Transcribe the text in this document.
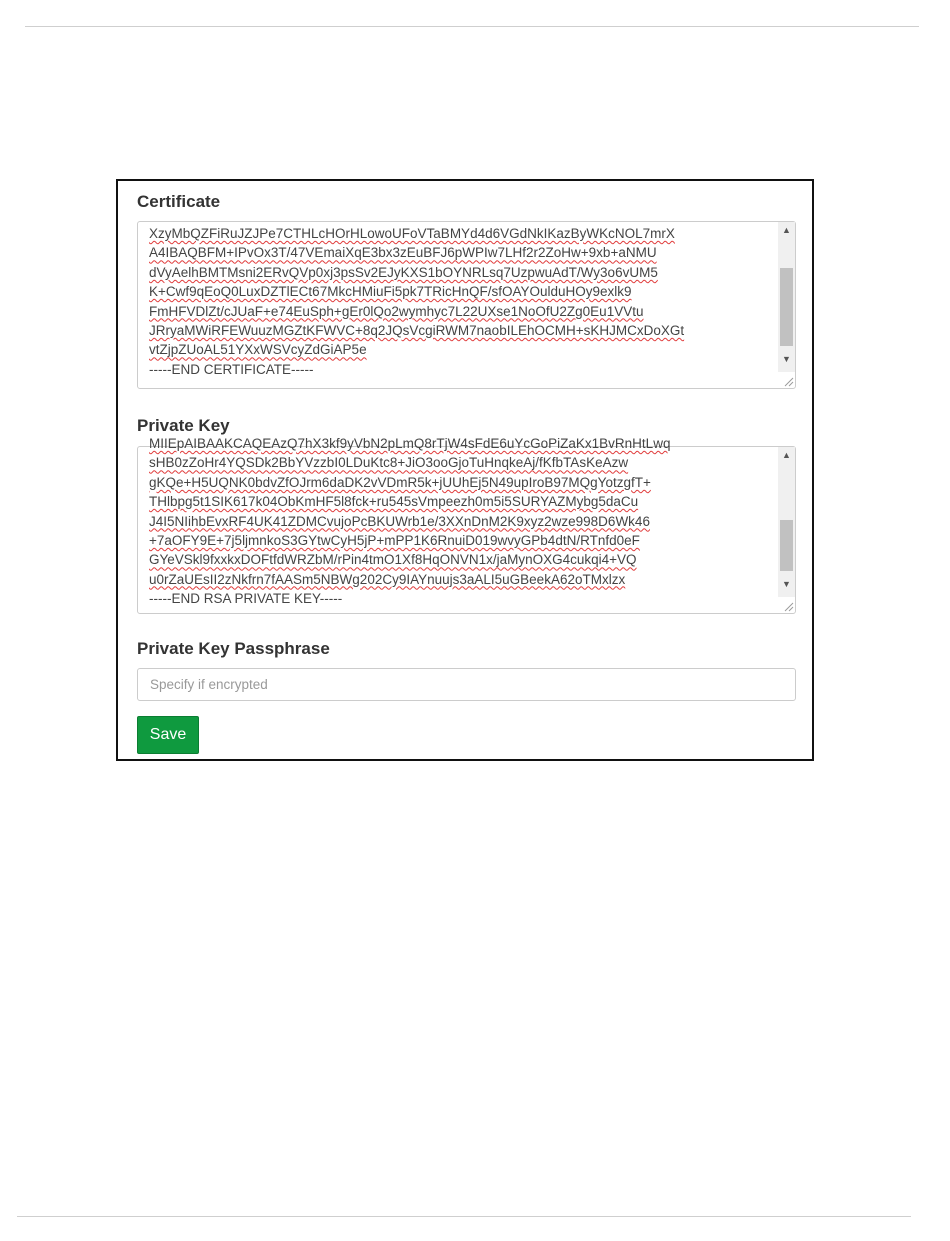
Certificate
XzyMbQZFiRuJZJPe7CTHLcHOrHLowoUFoVTaBMYd4d6VGdNkIKazByWKcNOL7mrX
A4IBAQBFM+IPvOx3T/47VEmaiXqE3bx3zEuBFJ6pWPIw7LHf2r2ZoHw+9xb+aNMU
dVyAelhBMTMsni2ERvQVp0xj3psSv2EJyKXS1bOYNRLsq7UzpwuAdT/Wy3o6vUM5
K+Cwf9qEoQ0LuxDZTlECt67MkcHMiuFi5pk7TRicHnQF/sfOAYOulduHOy9exlk9
FmHFVDlZt/cJUaF+e74EuSph+gEr0lQo2wymhyc7L22UXse1NoOfU2Zg0Eu1VVtu
JRryaMWiRFEWuuzMGZtKFWVC+8q2JQsVcgiRWM7naobILEhOCMH+sKHJMCxDoXGt
vtZjpZUoAL51YXxWSVcyZdGiAP5e
-----END CERTIFICATE-----
▲
▼
Private Key
MIIEpAIBAAKCAQEAzQ7hX3kf9yVbN2pLmQ8rTjW4sFdE6uYcGoPiZaKx1BvRnHtLwq
sHB0zZoHr4YQSDk2BbYVzzbI0LDuKtc8+JiO3ooGjoTuHnqkeAj/fKfbTAsKeAzw
gKQe+H5UQNK0bdvZfOJrm6daDK2vVDmR5k+jUUhEj5N49upIroB97MQgYotzgfT+
THlbpg5t1SIK617k04ObKmHF5l8fck+ru545sVmpeezh0m5i5SURYAZMybg5daCu
J4I5NIihbEvxRF4UK41ZDMCvujoPcBKUWrb1e/3XXnDnM2K9xyz2wze998D6Wk46
+7aOFY9E+7j5ljmnkoS3GYtwCyH5jP+mPP1K6RnuiD019wvyGPb4dtN/RTnfd0eF
GYeVSkl9fxxkxDOFtfdWRZbM/rPin4tmO1Xf8HqONVN1x/jaMynOXG4cukqi4+VQ
u0rZaUEsII2zNkfrn7fAASm5NBWg202Cy9IAYnuujs3aALI5uGBeekA62oTMxlzx
-----END RSA PRIVATE KEY-----
▲
▼
Private Key Passphrase
Specify if encrypted
Save
